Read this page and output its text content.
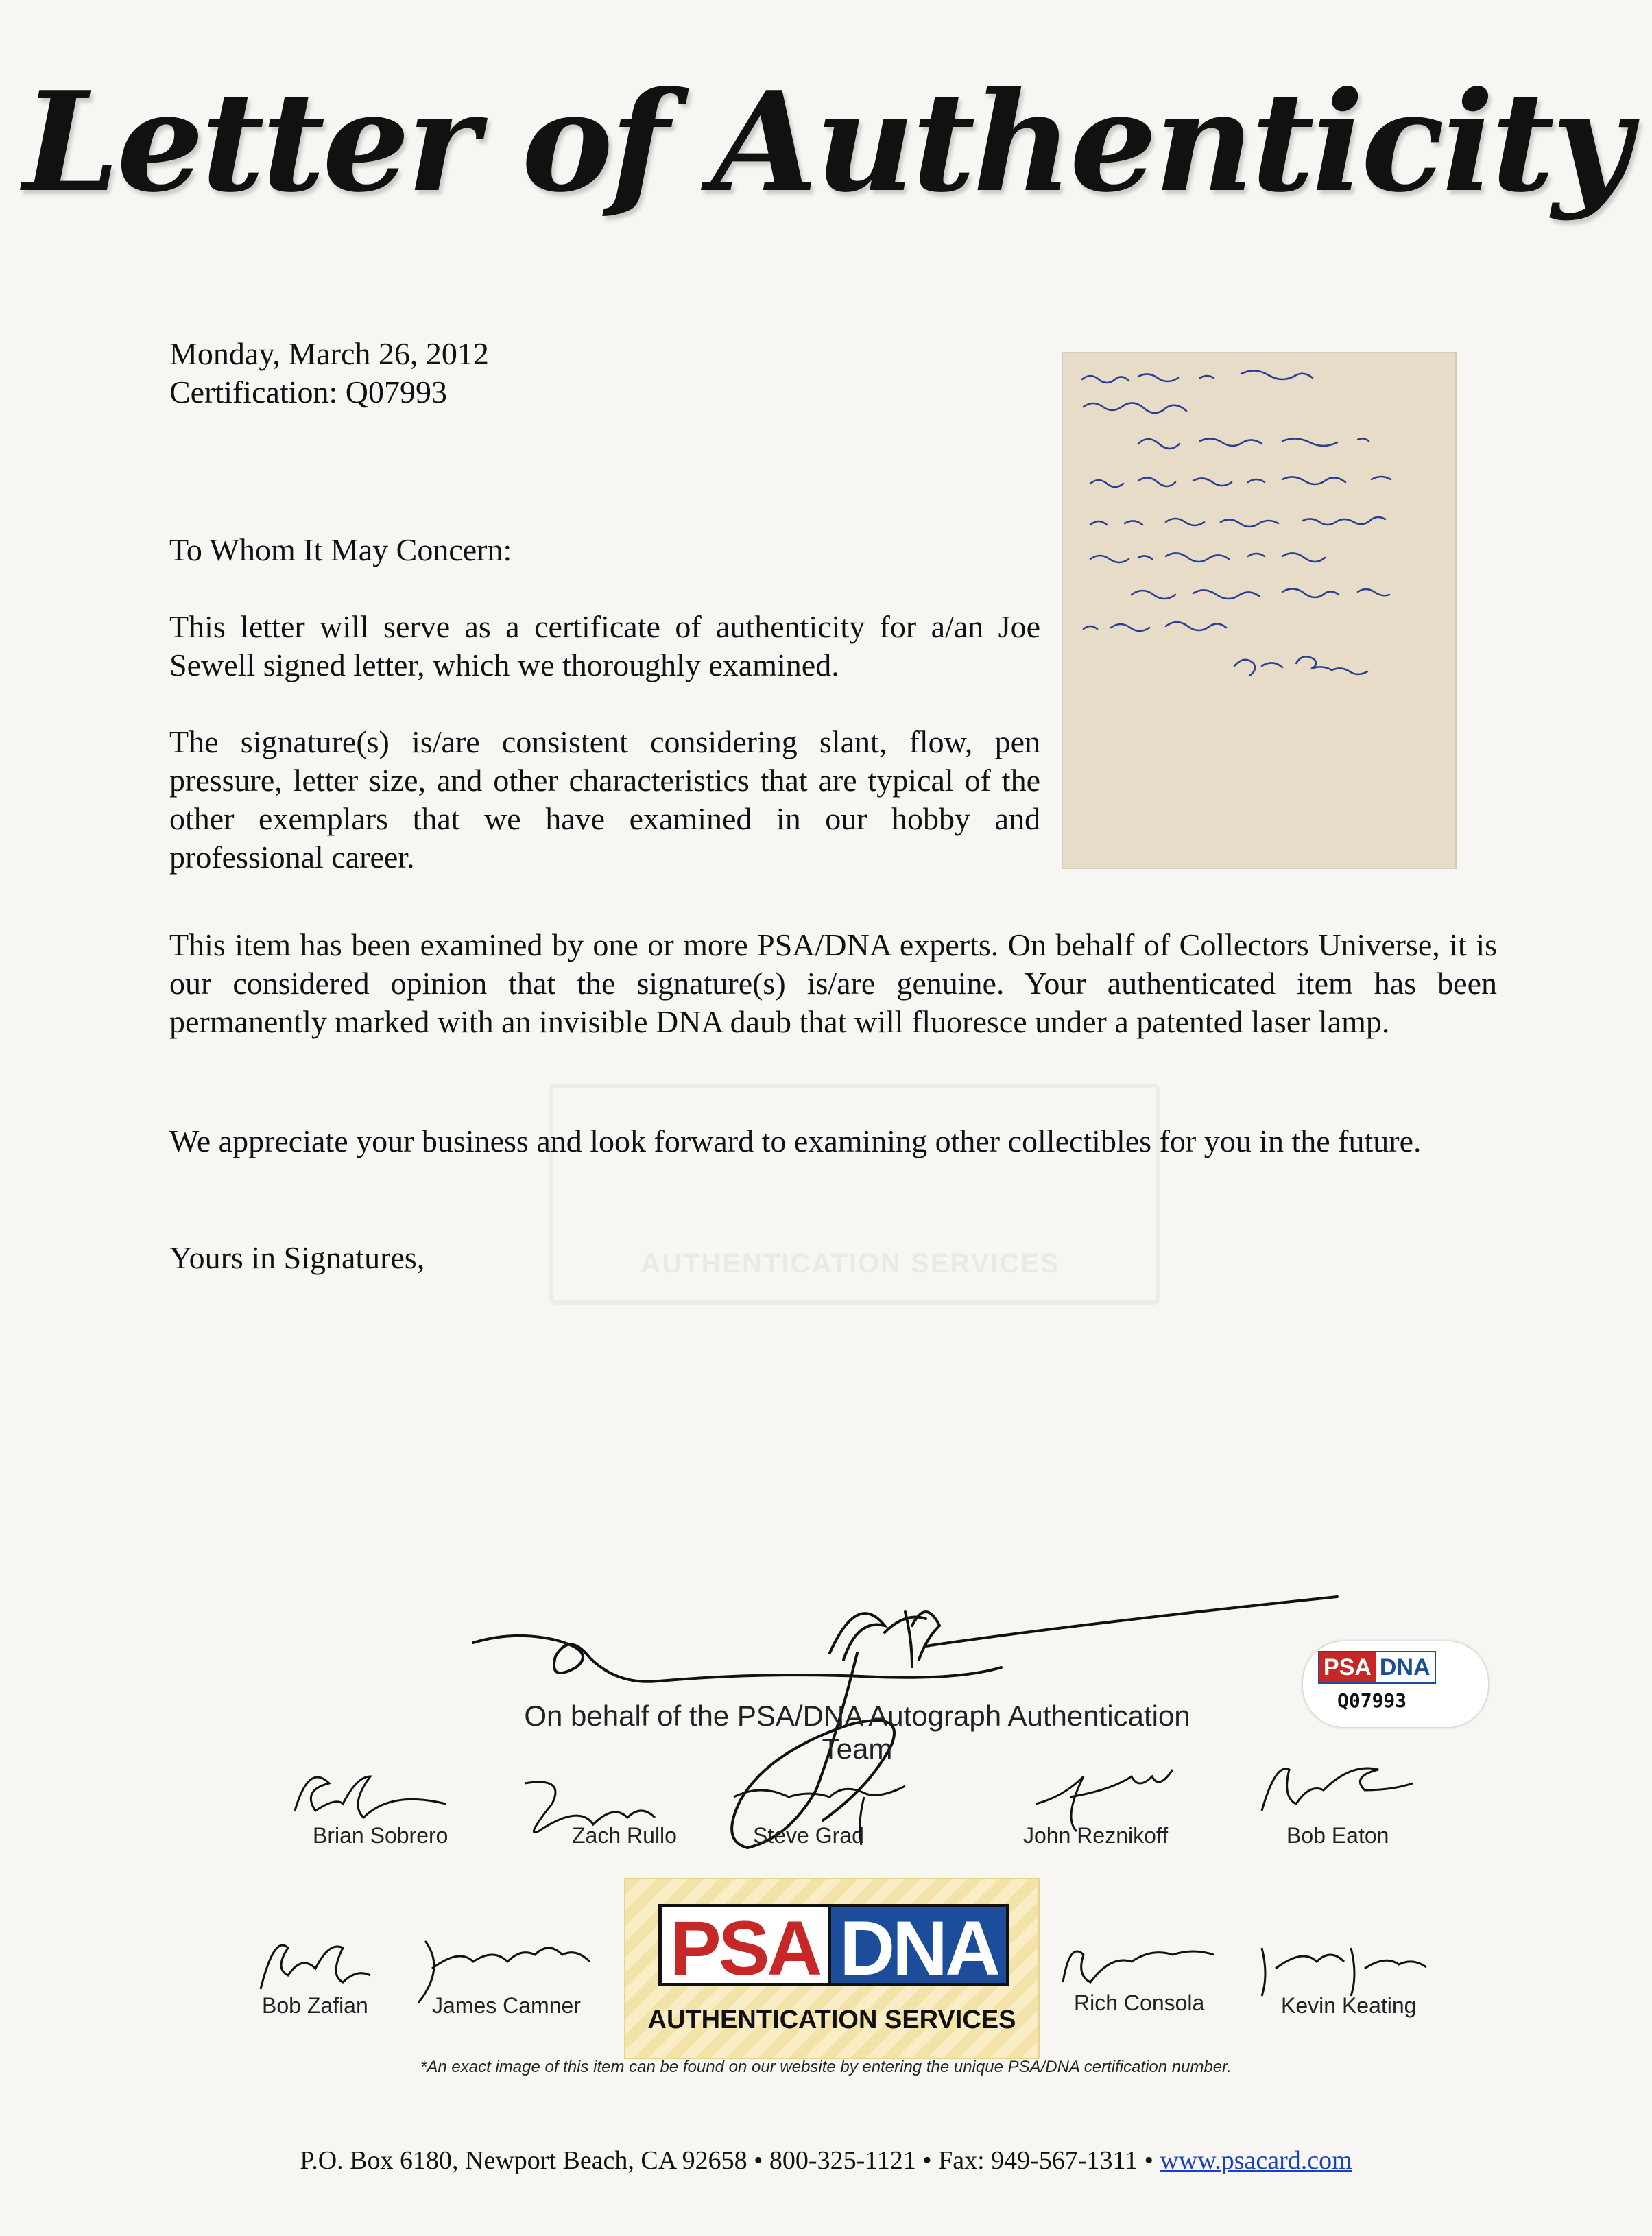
Letter of Authenticity
Monday, March 26, 2012
Certification: Q07993
To Whom It May Concern:

This letter will serve as a certificate of authenticity for a/an Joe Sewell signed letter, which we thoroughly examined.

The signature(s) is/are consistent considering slant, flow, pen pressure, letter size, and other characteristics that are typical of the other exemplars that we have examined in our hobby and professional career.

This item has been examined by one or more PSA/DNA experts. On behalf of Collectors Universe, it is our considered opinion that the signature(s) is/are genuine. Your authenticated item has been permanently marked with an invisible DNA daub that will fluoresce under a patented laser lamp.

We appreciate your business and look forward to examining other collectibles for you in the future.

Yours in Signatures,	AUTHENTICATION SERVICES
On behalf of the PSA/DNA Autograph Authentication Team
PSA DNA
Q07993
Brian Sobrero	Zach Rullo	Steve Grad	John Reznikoff	Bob Eaton
Bob Zafian	James Camner	Rich Consola	Kevin Keating
PSA DNA
AUTHENTICATION SERVICES
*An exact image of this item can be found on our website by entering the unique PSA/DNA certification number.
P.O. Box 6180, Newport Beach, CA 92658 • 800-325-1121 • Fax: 949-567-1311 • www.psacard.com
